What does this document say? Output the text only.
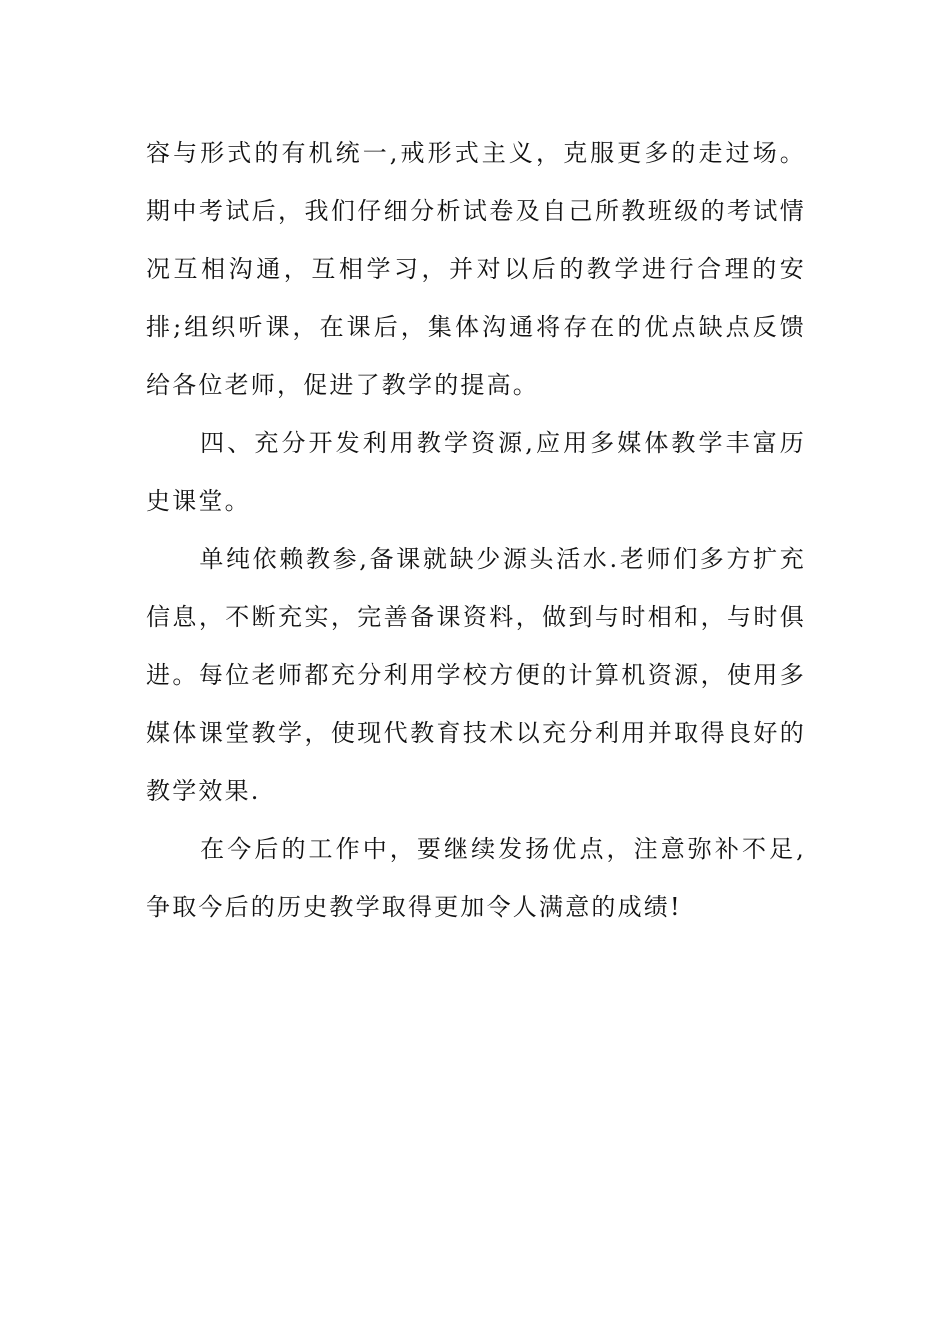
容与形式的有机统一,戒形式主义，克服更多的走过场。期中考试后，我们仔细分析试卷及自己所教班级的考试情况互相沟通，互相学习，并对以后的教学进行合理的安排;组织听课，在课后，集体沟通将存在的优点缺点反馈给各位老师，促进了教学的提高。

　　四、充分开发利用教学资源,应用多媒体教学丰富历史课堂。

　　单纯依赖教参,备课就缺少源头活水.老师们多方扩充信息，不断充实，完善备课资料，做到与时相和，与时俱进。每位老师都充分利用学校方便的计算机资源，使用多媒体课堂教学，使现代教育技术以充分利用并取得良好的教学效果.

　　在今后的工作中，要继续发扬优点，注意弥补不足,争取今后的历史教学取得更加令人满意的成绩!
